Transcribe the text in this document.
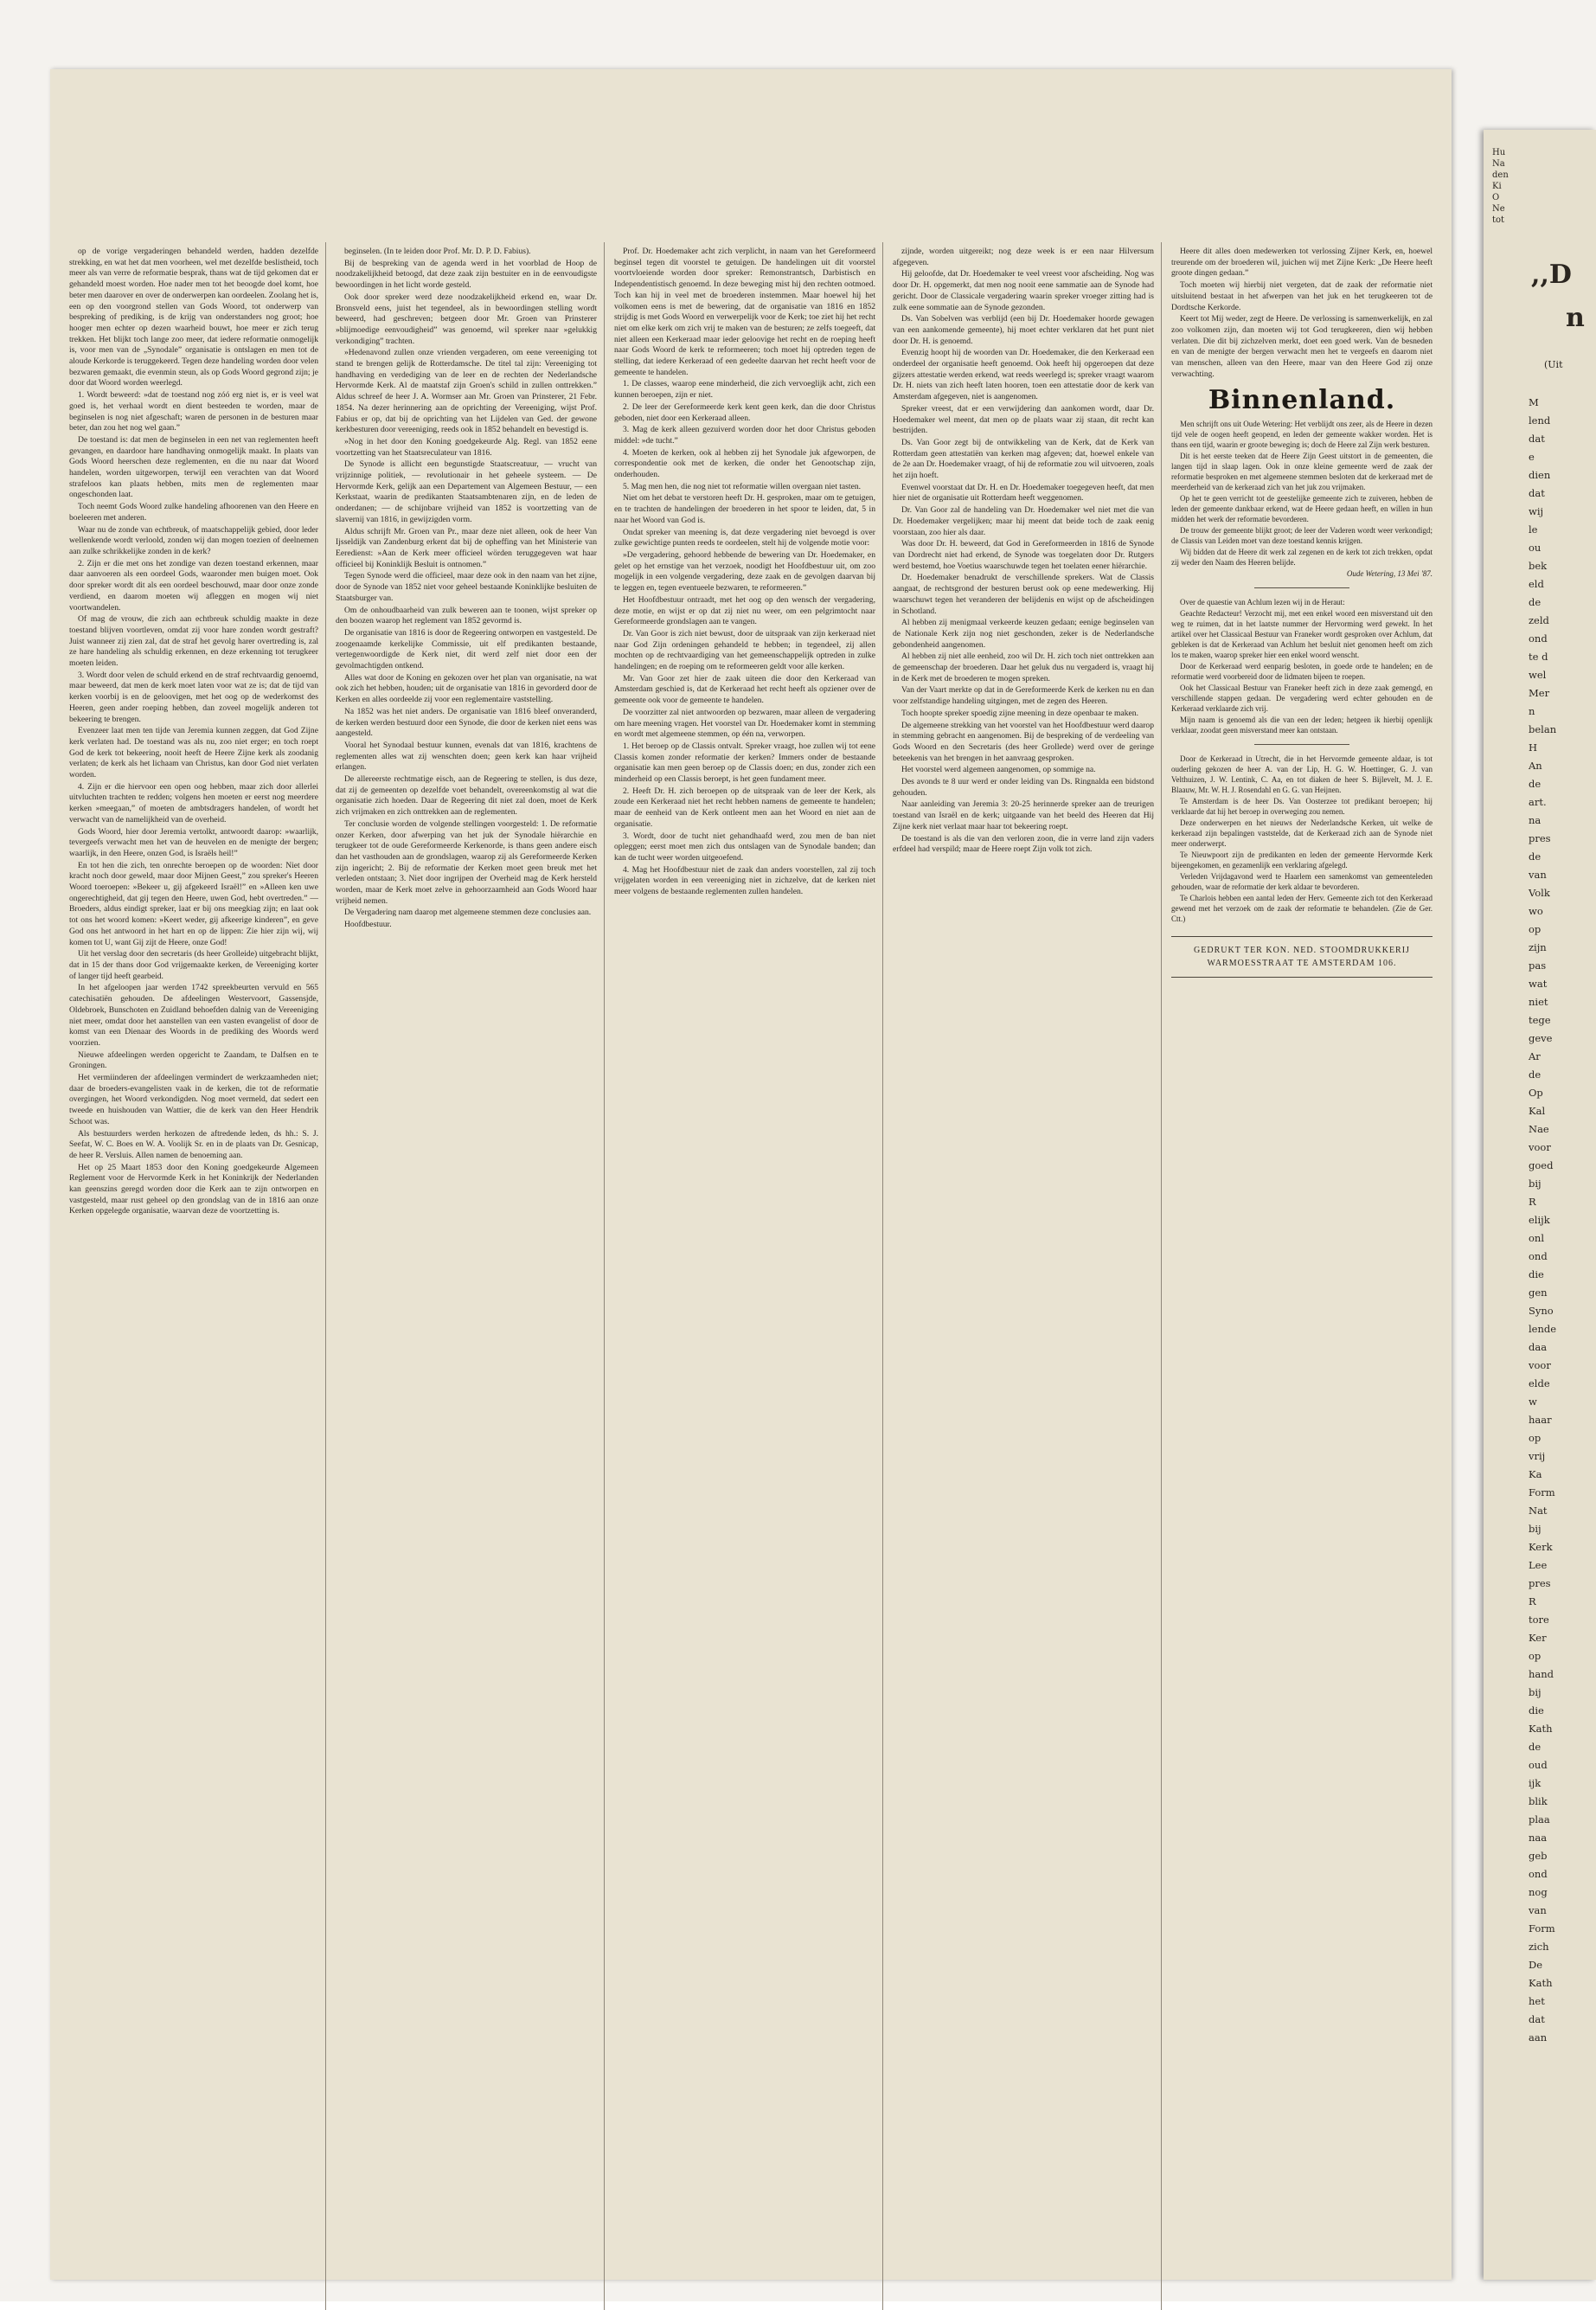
op de vorige vergaderingen behandeld werden, hadden dezelfde strekking, en wat het dat men voorheen, wel met dezelfde beslistheid, toch meer als van verre de reformatie besprak, thans wat de tijd gekomen dat er gehandeld moest worden. Hoe nader men tot het beoogde doel komt, hoe beter men daarover en over de onderwerpen kan oordeelen. Zoolang het is, een op den voorgrond stellen van Gods Woord, tot onderwerp van bespreking of prediking, is de krijg van onderstanders nog groot; hoe hooger men echter op dezen waarheid bouwt, hoe meer er zich terug trekken. Het blijkt toch lange zoo meer, dat iedere reformatie onmogelijk is, voor men van de „Synodale” organisatie is ontslagen en men tot de aloude Kerkorde is teruggekeerd. Tegen deze handeling worden door velen bezwaren gemaakt, die evenmin steun, als op Gods Woord gegrond zijn; je door dat Woord worden weerlegd.

1. Wordt beweerd: »dat de toestand nog zóó erg niet is, er is veel wat goed is, het verhaal wordt en dient besteeden te worden, maar de beginselen is nog niet afgeschaft; waren de personen in de besturen maar beter, dan zou het nog wel gaan.”

De toestand is: dat men de beginselen in een net van reglementen heeft gevangen, en daardoor hare handhaving onmogelijk maakt. In plaats van Gods Woord heerschen deze reglementen, en die nu naar dat Woord handelen, worden uitgeworpen, terwijl een verachten van dat Woord strafeloos kan plaats hebben, mits men de reglementen maar ongeschonden laat.

Toch neemt Gods Woord zulke handeling afhoorenen van den Heere en boeleeren met anderen.

Waar nu de zonde van echtbreuk, of maatschappelijk gebied, door leder wellenkende wordt verloold, zonden wij dan mogen toezien of deelnemen aan zulke schrikkelijke zonden in de kerk?

2. Zijn er die met ons het zondige van dezen toestand erkennen, maar daar aanvoeren als een oordeel Gods, waaronder men buigen moet. Ook door spreker wordt dit als een oordeel beschouwd, maar door onze zonde verdiend, en daarom moeten wij afleggen en mogen wij niet voortwandelen.

Of mag de vrouw, die zich aan echtbreuk schuldig maakte in deze toestand blijven voortleven, omdat zij voor hare zonden wordt gestraft? Juist wanneer zij zien zal, dat de straf het gevolg harer overtreding is, zal ze hare handeling als schuldig erkennen, en deze erkenning tot terugkeer moeten leiden.

3. Wordt door velen de schuld erkend en de straf rechtvaardig genoemd, maar beweerd, dat men de kerk moet laten voor wat ze is; dat de tijd van kerken voorbij is en de geloovigen, met het oog op de wederkomst des Heeren, geen ander roeping hebben, dan zoveel mogelijk anderen tot bekeering te brengen.

Evenzeer laat men ten tijde van Jeremia kunnen zeggen, dat God Zijne kerk verlaten had. De toestand was als nu, zoo niet erger; en toch roept God de kerk tot bekeering, nooit heeft de Heere Zijne kerk als zoodanig verlaten; de kerk als het lichaam van Christus, kan door God niet verlaten worden.

4. Zijn er die hiervoor een open oog hebben, maar zich door allerlei uitvluchten trachten te redden; volgens hen moeten er eerst nog meerdere kerken »meegaan,” of moeten de ambtsdragers handelen, of wordt het verwacht van de namelijkheid van de overheid.

Gods Woord, hier door Jeremia vertolkt, antwoordt daarop: »waarlijk, tevergeefs verwacht men het van de heuvelen en de menigte der bergen; waarlijk, in den Heere, onzen God, is Israëls heil!”

En tot hen die zich, ten onrechte beroepen op de woorden: Niet door kracht noch door geweld, maar door Mijnen Geest,” zou spreker's Heeren Woord toeroepen: »Bekeer u, gij afgekeerd Israël!” en »Alleen ken uwe ongerechtigheid, dat gij tegen den Heere, uwen God, hebt overtreden.” — Broeders, aldus eindigt spreker, laat er bij ons meegkiag zijn; en laat ook tot ons het woord komen: »Keert weder, gij afkeerige kinderen”, en geve God ons het antwoord in het hart en op de lippen: Zie hier zijn wij, wij komen tot U, want Gij zijt de Heere, onze God!

Uit het verslag door den secretaris (ds heer Grolleide) uitgebracht blijkt, dat in 15 der thans door God vrijgemaakte kerken, de Vereeniging korter of langer tijd heeft gearbeid.

In het afgeloopen jaar werden 1742 spreekbeurten vervuld en 565 catechisatiën gehouden. De afdeelingen Westervoort, Gassensjde, Oldebroek, Bunschoten en Zuidland behoefden dalnig van de Vereeniging niet meer, omdat door het aanstellen van een vasten evangelist of door de komst van een Dienaar des Woords in de prediking des Woords werd voorzien.

Nieuwe afdeelingen werden opgericht te Zaandam, te Dalfsen en te Groningen.

Het vermiinderen der afdeelingen vermindert de werkzaamheden niet; daar de broeders-evangelisten vaak in de kerken, die tot de reformatie overgingen, het Woord verkondigden. Nog moet vermeld, dat sedert een tweede en huishouden van Wattier, die de kerk van den Heer Hendrik Schoot was.

Als bestuurders werden herkozen de aftredende leden, ds hh.: S. J. Seefat, W. C. Boes en W. A. Voolijk Sr. en in de plaats van Dr. Gesnicap, de heer R. Versluis. Allen namen de benoeming aan.

Het op 25 Maart 1853 door den Koning goedgekeurde Algemeen Reglement voor de Hervormde Kerk in het Koninkrijk der Nederlanden kan geenszins geregd worden door die Kerk aan te zijn ontworpen en vastgesteld, maar rust geheel op den grondslag van de in 1816 aan onze Kerken opgelegde organisatie, waarvan deze de voortzetting is.

beginselen. (In te leiden door Prof. Mr. D. P. D. Fabius).

Bij de bespreking van de agenda werd in het voorblad de Hoop de noodzakelijkheid betoogd, dat deze zaak zijn bestuiter en in de eenvoudigste bewoordingen in het licht worde gesteld.

Ook door spreker werd deze noodzakelijkheid erkend en, waar Dr. Bronsveld eens, juist het tegendeel, als in bewoordingen stelling wordt beweerd, had geschreven; betgeen door Mr. Groen van Prinsterer »blijmoedige eenvoudigheid” was genoemd, wil spreker naar »gelukkig verkondiging” trachten.

»Hedenavond zullen onze vrienden vergaderen, om eene vereeniging tot stand te brengen gelijk de Rotterdamsche. De titel tal zijn: Vereeniging tot handhaving en verdediging van de leer en de rechten der Nederlandsche Hervormde Kerk. Al de maatstaf zijn Groen's schild in zullen onttrekken.” Aldus schreef de heer J. A. Wormser aan Mr. Groen van Prinsterer, 21 Febr. 1854. Na dezer herinnering aan de oprichting der Vereeniging, wijst Prof. Fabius er op, dat bij de oprichting van het Lijdelen van Ged. der gewone kerkbesturen door vereeniging, reeds ook in 1852 behandelt en bevestigd is.

»Nog in het door den Koning goedgekeurde Alg. Regl. van 1852 eene voortzetting van het Staatsreculateur van 1816.

De Synode is allicht een begunstigde Staatscreatuur, — vrucht van vrijzinnige politiek, — revolutionair in het geheele systeem. — De Hervormde Kerk, gelijk aan een Departement van Algemeen Bestuur, — een Kerkstaat, waarin de predikanten Staatsambtenaren zijn, en de leden de onderdanen; — de schijnbare vrijheid van 1852 is voortzetting van de slavernij van 1816, in gewijzigden vorm.

Aldus schrijft Mr. Groen van Pr., maar deze niet alleen, ook de heer Van Ijsseldijk van Zandenburg erkent dat bij de opheffing van het Ministerie van Eeredienst: »Aan de Kerk meer officieel wörden teruggegeven wat haar officieel bij Koninklijk Besluit is ontnomen.”

Tegen Synode werd die officieel, maar deze ook in den naam van het zijne, door de Synode van 1852 niet voor geheel bestaande Koninklijke besluiten de Staatsburger van.

Om de onhoudbaarheid van zulk beweren aan te toonen, wijst spreker op den boozen waarop het reglement van 1852 gevormd is.

De organisatie van 1816 is door de Regeering ontworpen en vastgesteld. De zoogenaamde kerkelijke Commissie, uit elf predikanten bestaande, vertegenwoordigde de Kerk niet, dit werd zelf niet door een der gevolmachtigden ontkend.

Alles wat door de Koning en gekozen over het plan van organisatie, na wat ook zich het hebben, houden; uit de organisatie van 1816 in gevorderd door de Kerken en alles oordeelde zij voor een reglementaire vaststelling.

Na 1852 was het niet anders. De organisatie van 1816 bleef onveranderd, de kerken werden bestuurd door een Synode, die door de kerken niet eens was aangesteld.

Vooral het Synodaal bestuur kunnen, evenals dat van 1816, krachtens de reglementen alles wat zij wenschten doen; geen kerk kan haar vrijheid erlangen.

De allereerste rechtmatige eisch, aan de Regeering te stellen, is dus deze, dat zij de gemeenten op dezelfde voet behandelt, overeenkomstig al wat die organisatie zich hoeden. Daar de Regeering dit niet zal doen, moet de Kerk zich vrijmaken en zich onttrekken aan de reglementen.

Ter conclusie worden de volgende stellingen voorgesteld: 1. De reformatie onzer Kerken, door afwerping van het juk der Synodale hiërarchie en terugkeer tot de oude Gereformeerde Kerkenorde, is thans geen andere eisch dan het vasthouden aan de grondslagen, waarop zij als Gereformeerde Kerken zijn ingericht; 2. Bij de reformatie der Kerken moet geen breuk met het verleden ontstaan; 3. Niet door ingrijpen der Overheid mag de Kerk hersteld worden, maar de Kerk moet zelve in gehoorzaamheid aan Gods Woord haar vrijheid nemen.

De Vergadering nam daarop met algemeene stemmen deze conclusies aan.

Hoofdbestuur.

Prof. Dr. Hoedemaker acht zich verplicht, in naam van het Gereformeerd beginsel tegen dit voorstel te getuigen. De handelingen uit dit voorstel voortvloeiende worden door spreker: Remonstrantsch, Darbistisch en Independentistisch genoemd. In deze beweging mist hij den rechten ootmoed. Toch kan hij in veel met de broederen instemmen. Maar hoewel hij het volkomen eens is met de bewering, dat de organisatie van 1816 en 1852 strijdig is met Gods Woord en verwerpelijk voor de Kerk; toe ziet hij het recht niet om elke kerk om zich vrij te maken van de besturen; ze zelfs toegeeft, dat niet alleen een Kerkeraad maar ieder geloovige het recht en de roeping heeft naar Gods Woord de kerk te reformeeren; toch moet hij optreden tegen de stelling, dat iedere Kerkeraad of een gedeelte daarvan het recht heeft voor de gemeente te handelen.

1. De classes, waarop eene minderheid, die zich vervoeglijk acht, zich een kunnen beroepen, zijn er niet.

2. De leer der Gereformeerde kerk kent geen kerk, dan die door Christus geboden, niet door een Kerkeraad alleen.

3. Mag de kerk alleen gezuiverd worden door het door Christus geboden middel: »de tucht.”

4. Moeten de kerken, ook al hebben zij het Synodale juk afgeworpen, de correspondentie ook met de kerken, die onder het Genootschap zijn, onderhouden.

5. Mag men hen, die nog niet tot reformatie willen overgaan niet tasten.

Niet om het debat te verstoren heeft Dr. H. gesproken, maar om te getuigen, en te trachten de handelingen der broederen in het spoor te leiden, dat, 5 in naar het Woord van God is.

Ondat spreker van meening is, dat deze vergadering niet bevoegd is over zulke gewichtige punten reeds te oordeelen, stelt hij de volgende motie voor:

»De vergadering, gehoord hebbende de bewering van Dr. Hoedemaker, en gelet op het ernstige van het verzoek, noodigt het Hoofdbestuur uit, om zoo mogelijk in een volgende vergadering, deze zaak en de gevolgen daarvan bij te leggen en, tegen eventueele bezwaren, te reformeeren.”

Het Hoofdbestuur ontraadt, met het oog op den wensch der vergadering, deze motie, en wijst er op dat zij niet nu weer, om een pelgrimtocht naar Gereformeerde grondslagen aan te vangen.

Dr. Van Goor is zich niet bewust, door de uitspraak van zijn kerkeraad niet naar God Zijn ordeningen gehandeld te hebben; in tegendeel, zij allen mochten op de rechtvaardiging van het gemeenschappelijk optreden in zulke handelingen; en de roeping om te reformeeren geldt voor alle kerken.

Mr. Van Goor zet hier de zaak uiteen die door den Kerkeraad van Amsterdam geschied is, dat de Kerkeraad het recht heeft als opziener over de gemeente ook voor de gemeente te handelen.

De voorzitter zal niet antwoorden op bezwaren, maar alleen de vergadering om hare meening vragen. Het voorstel van Dr. Hoedemaker komt in stemming en wordt met algemeene stemmen, op één na, verworpen.

1. Het beroep op de Classis ontvalt. Spreker vraagt, hoe zullen wij tot eene Classis komen zonder reformatie der kerken? Immers onder de bestaande organisatie kan men geen beroep op de Classis doen; en dus, zonder zich een minderheid op een Classis beroept, is het geen fundament meer.

2. Heeft Dr. H. zich beroepen op de uitspraak van de leer der Kerk, als zoude een Kerkeraad niet het recht hebben namens de gemeente te handelen; maar de eenheid van de Kerk ontleent men aan het Woord en niet aan de organisatie.

3. Wordt, door de tucht niet gehandhaafd werd, zou men de ban niet opleggen; eerst moet men zich dus ontslagen van de Synodale banden; dan kan de tucht weer worden uitgeoefend.

4. Mag het Hoofdbestuur niet de zaak dan anders voorstellen, zal zij toch vrijgelaten worden in een vereeniging niet in zichzelve, dat de kerken niet meer volgens de bestaande reglementen zullen handelen.

zijnde, worden uitgereikt; nog deze week is er een naar Hilversum afgegeven.

Hij geloofde, dat Dr. Hoedemaker te veel vreest voor afscheiding. Nog was door Dr. H. opgemerkt, dat men nog nooit eene sammatie aan de Synode had gericht. Door de Classicale vergadering waarin spreker vroeger zitting had is zulk eene sommatie aan de Synode gezonden.

Ds. Van Sobelven was verblijd (een bij Dr. Hoedemaker hoorde gewagen van een aankomende gemeente), hij moet echter verklaren dat het punt niet door Dr. H. is genoemd.

Evenzig hoopt hij de woorden van Dr. Hoedemaker, die den Kerkeraad een onderdeel der organisatie heeft genoemd. Ook heeft hij opgeroepen dat deze gijzers attestatie werden erkend, wat reeds weerlegd is; spreker vraagt waarom Dr. H. niets van zich heeft laten hooren, toen een attestatie door de kerk van Amsterdam afgegeven, niet is aangenomen.

Spreker vreest, dat er een verwijdering dan aankomen wordt, daar Dr. Hoedemaker wel meent, dat men op de plaats waar zij staan, dit recht kan bestrijden.

Ds. Van Goor zegt bij de ontwikkeling van de Kerk, dat de Kerk van Rotterdam geen attestatiën van kerken mag afgeven; dat, hoewel enkele van de 2e aan Dr. Hoedemaker vraagt, of hij de reformatie zou wil uitvoeren, zoals het zijn hoeft.

Evenwel voorstaat dat Dr. H. en Dr. Hoedemaker toegegeven heeft, dat men hier niet de organisatie uit Rotterdam heeft weggenomen.

Dr. Van Goor zal de handeling van Dr. Hoedemaker wel niet met die van Dr. Hoedemaker vergelijken; maar hij meent dat beide toch de zaak eenig voorstaan, zoo hier als daar.

Was door Dr. H. beweerd, dat God in Gereformeerden in 1816 de Synode van Dordrecht niet had erkend, de Synode was toegelaten door Dr. Rutgers werd bestemd, hoe Voetius waarschuwde tegen het toelaten eener hiërarchie.

Dr. Hoedemaker benadrukt de verschillende sprekers. Wat de Classis aangaat, de rechtsgrond der besturen berust ook op eene medewerking. Hij waarschuwt tegen het veranderen der belijdenis en wijst op de afscheidingen in Schotland.

Al hebben zij menigmaal verkeerde keuzen gedaan; eenige beginselen van de Nationale Kerk zijn nog niet geschonden, zeker is de Nederlandsche gebondenheid aangenomen.

Al hebben zij niet alle eenheid, zoo wil Dr. H. zich toch niet onttrekken aan de gemeenschap der broederen. Daar het geluk dus nu vergaderd is, vraagt hij in de Kerk met de broederen te mogen spreken.

Van der Vaart merkte op dat in de Gereformeerde Kerk de kerken nu en dan voor zelfstandige handeling uitgingen, met de zegen des Heeren.

Toch hoopte spreker spoedig zijne meening in deze openbaar te maken.

De algemeene strekking van het voorstel van het Hoofdbestuur werd daarop in stemming gebracht en aangenomen. Bij de bespreking of de verdeeling van Gods Woord en den Secretaris (des heer Grollede) werd over de geringe beteekenis van het brengen in het aanvraag gesproken.

Het voorstel werd algemeen aangenomen, op sommige na.

Des avonds te 8 uur werd er onder leiding van Ds. Ringnalda een bidstond gehouden.

Naar aanleiding van Jeremia 3: 20-25 herinnerde spreker aan de treurigen toestand van Israël en de kerk; uitgaande van het beeld des Heeren dat Hij Zijne kerk niet verlaat maar haar tot bekeering roept.

De toestand is als die van den verloren zoon, die in verre land zijn vaders erfdeel had verspild; maar de Heere roept Zijn volk tot zich.

Heere dit alles doen medewerken tot verlossing Zijner Kerk, en, hoewel treurende om der broederen wil, juichen wij met Zijne Kerk: „De Heere heeft groote dingen gedaan.”

Toch moeten wij hierbij niet vergeten, dat de zaak der reformatie niet uitsluitend bestaat in het afwerpen van het juk en het terugkeeren tot de Dordtsche Kerkorde.

Keert tot Mij weder, zegt de Heere. De verlossing is samenwerkelijk, en zal zoo volkomen zijn, dan moeten wij tot God terugkeeren, dien wij hebben verlaten. Die dit bij zichzelven merkt, doet een goed werk. Van de besneden en van de menigte der bergen verwacht men het te vergeefs en daarom niet van menschen, alleen van den Heere, maar van den Heere God zij onze verwachting.

Binnenland.

Men schrijft ons uit Oude Wetering: Het verblijdt ons zeer, als de Heere in dezen tijd vele de oogen heeft geopend, en leden der gemeente wakker worden. Het is thans een tijd, waarin er groote beweging is; doch de Heere zal Zijn werk besturen.

Dit is het eerste teeken dat de Heere Zijn Geest uitstort in de gemeenten, die langen tijd in slaap lagen. Ook in onze kleine gemeente werd de zaak der reformatie besproken en met algemeene stemmen besloten dat de kerkeraad met de meerderheid van de kerkeraad zich van het juk zou vrijmaken.

Op het te geen verricht tot de geestelijke gemeente zich te zuiveren, hebben de leden der gemeente dankbaar erkend, wat de Heere gedaan heeft, en willen in hun midden het werk der reformatie bevorderen.

De trouw der gemeente blijkt groot; de leer der Vaderen wordt weer verkondigd; de Classis van Leiden moet van deze toestand kennis krijgen.

Wij bidden dat de Heere dit werk zal zegenen en de kerk tot zich trekken, opdat zij weder den Naam des Heeren belijde.

Oude Wetering, 13 Mei '87.

Over de quaestie van Achlum lezen wij in de Heraut:

Geachte Redacteur! Verzocht mij, met een enkel woord een misverstand uit den weg te ruimen, dat in het laatste nummer der Hervorming werd gewekt. In het artikel over het Classicaal Bestuur van Franeker wordt gesproken over Achlum, dat gebleken is dat de Kerkeraad van Achlum het besluit niet genomen heeft om zich los te maken, waarop spreker hier een enkel woord wenscht.

Door de Kerkeraad werd eenparig besloten, in goede orde te handelen; en de reformatie werd voorbereid door de lidmaten bijeen te roepen.

Ook het Classicaal Bestuur van Franeker heeft zich in deze zaak gemengd, en verschillende stappen gedaan. De vergadering werd echter gehouden en de Kerkeraad verklaarde zich vrij.

Mijn naam is genoemd als die van een der leden; hetgeen ik hierbij openlijk verklaar, zoodat geen misverstand meer kan ontstaan.

Door de Kerkeraad in Utrecht, die in het Hervormde gemeente aldaar, is tot ouderling gekozen de heer A. van der Lip, H. G. W. Hoettinger, G. J. van Velthuizen, J. W. Lentink, C. Aa, en tot diaken de heer S. Bijlevelt, M. J. E. Blaauw, Mr. W. H. J. Rosendahl en G. G. van Heijnen.

Te Amsterdam is de heer Ds. Van Oosterzee tot predikant beroepen; hij verklaarde dat hij het beroep in overweging zou nemen.

Deze onderwerpen en het nieuws der Nederlandsche Kerken, uit welke de kerkeraad zijn bepalingen vaststelde, dat de Kerkeraad zich aan de Synode niet meer onderwerpt.

Te Nieuwpoort zijn de predikanten en leden der gemeente Hervormde Kerk bijeengekomen, en gezamenlijk een verklaring afgelegd.

Verleden Vrijdagavond werd te Haarlem een samenkomst van gemeenteleden gehouden, waar de reformatie der kerk aldaar te bevorderen.

Te Charlois hebben een aantal leden der Herv. Gemeente zich tot den Kerkeraad gewend met het verzoek om de zaak der reformatie te behandelen. (Zie de Ger. Ctt.)

GEDRUKT TER KON. NED. STOOMDRUKKERIJ
WARMOESSTRAAT TE AMSTERDAM 106.
Hu
Na
den
Ki
O
Ne
tot
,,D
n
(Uit
M
lend
dat
e
dien
dat
wij
le
ou
bek
eld
de
zeld
ond
te d
wel
Mer
n
belan
H
An
de
art.
na
pres
de
van
Volk
wo
op
zijn
pas
wat
niet
tege
geve
Ar
de
Op
Kal
Nae
voor
goed
bij
R
elijk
onl
ond
die
gen
Syno
lende
daa
voor
elde
w
haar
op
vrij
Ka
Form
Nat
bij
Kerk
Lee
pres
R
tore
Ker
op
hand
bij
die
Kath
de
oud
ijk
blik
plaa
naa
geb
ond
nog
van
Form
zich
De
Kath
het
dat
aan
